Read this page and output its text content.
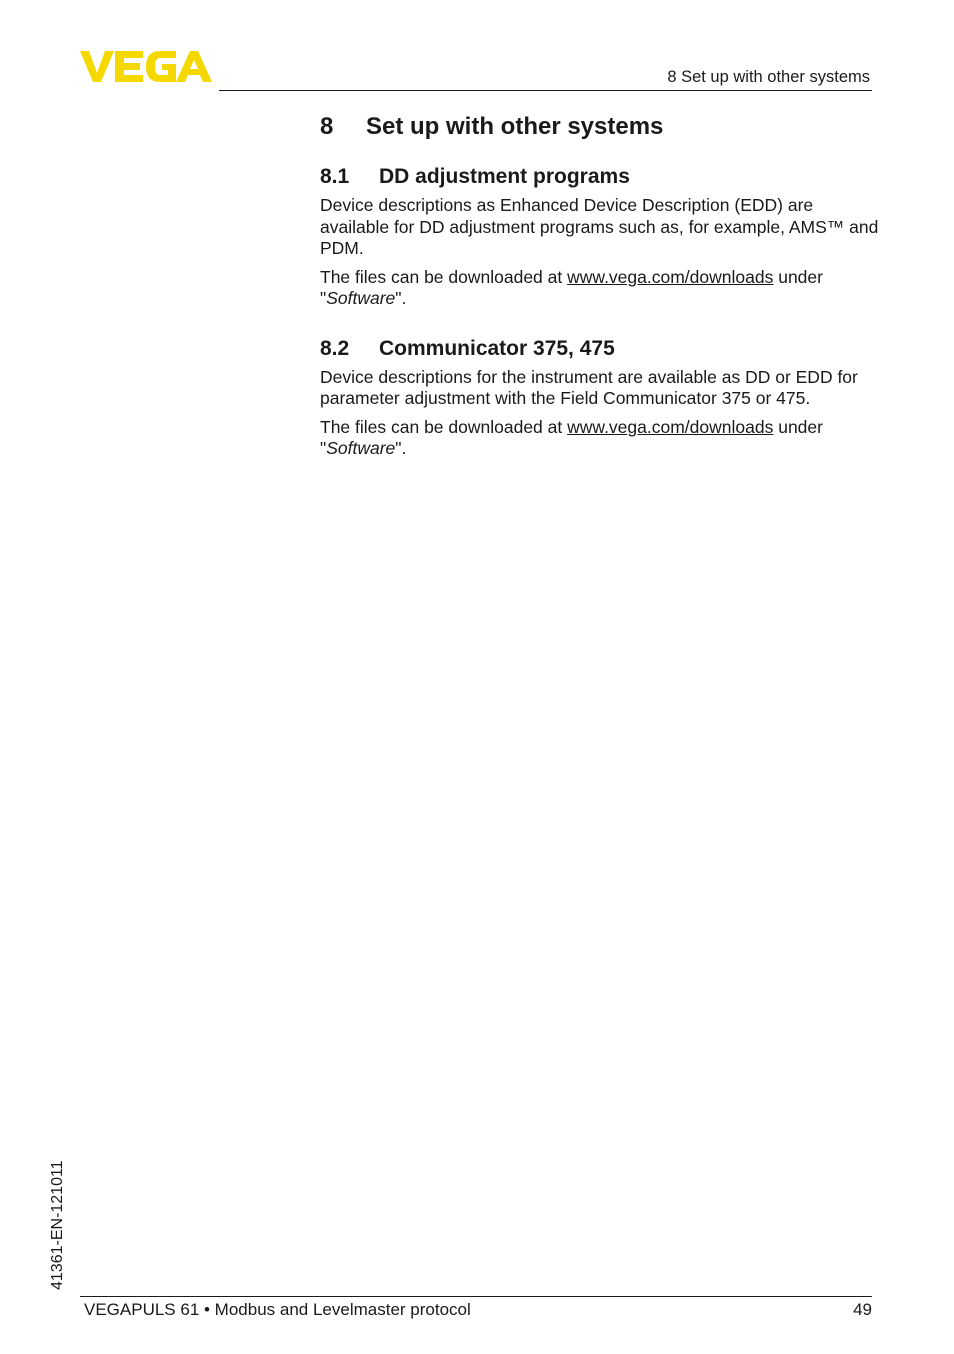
VEGA
8 Set up with other systems
8	Set up with other systems
8.1	DD adjustment programs

Device descriptions as Enhanced Device Description (EDD) are available for DD adjustment programs such as, for example, AMS™ and PDM.

The files can be downloaded at www.vega.com/downloads under "Software".

8.2	Communicator 375, 475

Device descriptions for the instrument are available as DD or EDD for parameter adjustment with the Field Communicator 375 or 475.

The files can be downloaded at www.vega.com/downloads under "Software".

41361-EN-121011
VEGAPULS 61 • Modbus and Levelmaster protocol	49
